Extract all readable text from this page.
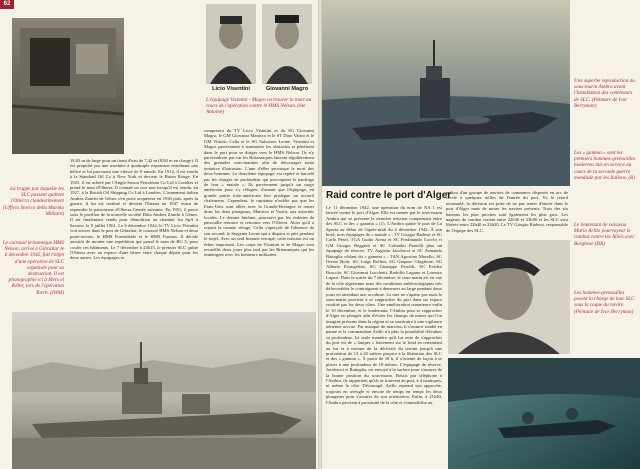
62
Licio Visentini	Giovanni Magro
L'équipage Visintini - Magro va trouver la mort au cours de l'opération contre le HMS Nelson. (Ste Antoine)
La trappe par laquelle les SLC passent quittent l'Olterra clandestinement (Ufficio Storico della Marina Militare)
Le cuirassé britannique HMS Nelson, arrivé à Gibraltar le 6 décembre 1942, fait l'objet d'une opération de SLC organisée pour sa destruction. Il est photographié ici à Mers el Kébir, lors de l'opération Torch. (IWM)
18,03 m de large pour un tirant d'eau de 7,42 m (8,84 m en charge). Il est propulsé par une machine à quadruple expansion entraînant une hélice et lui procurant une vitesse de 8 nœuds. En 1914, il est vendu à la Standard Oil Co à New York et devient le Baton Rouge. En 1925, il est acheté par l'Anglo-Saxon Petroleum Co Ltd à Londres et prend le nom d'Olterra. Il connaît un sort non lorsqu'il est vendu, en 1927, à la British Oil Shipping Co Ltd à Londres. L'armement italien Andrea Zanchi de Gênes s'en porte acquéreur en 1930 puis, après la guerre, il lui est restitué et devient l'Emma en 1947 avant de reprendre le patronyme d'Olterra l'année suivante. En 1951, il passe sous le pavillon de la nouvelle société Ditta Andrea Zanchi à Gênes. Il est finalement vendu pour démolition au chantier Isa SpA à Savone, le 9 juillet 1961. Le 6 décembre 1942, le TV Licio Visintini voit arriver dans le port de Gibraltar, le cuirassé HMS Nelson et deux porte-avions, le HMS Formidable et le HMS Furious. Il décide aussitôt de monter une expédition qui prend le nom de BG 5, pour couler ces bâtiments. Le 7 décembre à 23h15, le premier SLC quitte l'Olterra avec un espace d'une heure entre chaque départ pour les deux autres. Les équipages se
composent du TV Licio Visintini et du SG Giovanni Magro, le GM Giovanni Manisco et le ST Dino Varini et le GM Vittorio Cella et le SG Salvatore Leone. Visintini et Magro parviennent à surmonter les obstacles et pénètrent dans le port pour se diriger vers le HMS Nelson. Ils n'y parviendront pas car les Britanniques lancent régulièrement des grenades sous-marines afin de décourager toute tentative d'intrusion. L'une d'elles provoque la mort des deux hommes. Le deuxième équipage, est repéré et harcelé par les charges de profondeur qui provoquent le naufrage de leur « maiale ». Ils parviennent jusqu'à un cargo américain pour s'y réfugier, d'autant que l'équipage, en grande partie italo-américain leur prodigue un accueil chaleureux. Cependant, le capitaine n'oublie pas que les Etats-Unis sont alliés avec la Grande-Bretagne et remet donc les deux plongeurs, Manisco et Varini, aux autorités locales. Le dernier binôme, poursuivi par les vedettes de patrouille renonce et retourne vers l'Olterra. Alors qu'il a rejoint la rasante refuge, Cella s'aperçoit de l'absence de son second, le Sergente Leone qui a disparu et péri pendant le trajet. Avec un seul homme rescapé, cette mission est un échec important. Les corps de Visintini et de Magro sont recueillis deux jours plus tard par les Britanniques qui les immergent avec les honneurs militaires.
Une superbe reproduction du sous-marin Ambra avant l'installation des conteneurs de SLC. (Peinture de Ivor Berryman)
Les « gamma » sont les premiers hommes-grenouilles modernes mis en service au cours de la seconde guerre mondiale par les Italiens. (R)
Raid contre le port d'Alger
Le 11 décembre 1942, une opération du nom de NA 1 est lancée contre le port d'Alger. Elle est menée par le sous-marin Ambra qui se présente la dernière mission comprenant entre des SLC et des « gamma » (1). L'Ambra quitte le port de La Spezia au début de l'après-midi du 4 décembre 1942. À son bord, trois équipages de « maiale » : TV Giorgio Badessi et SC Carlo Pesel, TGA Guido Arena et SC Ferdinando Cocchi et GM Giorgio Reggioli et SC Colombo Pamolli plus un équipage de réserve, TV Augusto Jacobacci et SC Armando Battaglia ciblant du « gamma » : TAN Agostino Morello, SC Oreste Botti, SG Luigi Rolfini, SG Gaspare Ghiglione, SG Alberto Evangelisti, SG Giuseppe Feroldi, SC Evideo Boscolo, SC Giovanni Lucchetti, Rodolfo Lugano et Lorenzo Lupari. Dans la soirée du 7 décembre, le sous-marin est en vue de la côte algérienne mais des conditions météorologiques très défavorables le contraignent à demeurer au large pendant deux jours en attendant une accalmie. La mer ne s'apaise pas mais le sous-marin parvient à se rapprocher du port dans un espace confiné par les deux côtes. Une amélioration commence enfin le 10 décembre, et le lendemain, l'Ambra peut se rapprocher d'Alger en plongée afin d'éviter les champs de mines qui l'on imagine présents dans la région et se soustraire à une vigilance aérienne accrue. Par manque de marrons, il s'avance tombé en panne et le commandant Arillo n'a plus la possibilité d'évaluer sa profondeur. La seule manière qu'il lui reste de s'approcher du port est de « lamper » lentement sur le fond en remontant au fur et à mesure de la déclivité du terrain jusqu'à une profondeur de 13 à 20 mètres propice à la libération des SLC et des « gamma ». À partir de 18 h, il s'oriente de façon à se placer à une profondeur de 18 mètres. L'équipage de réserve, Jacobacci et Battaglia, est envoyé à la surface pour s'assurer de la bonne position du sous-marin. Relais par téléphone à l'Ambra, ils rapportent qu'ils se trouvent au port, à 4 nautiques, ni même la côte. Découragé, Arillo reprend son approche, toujours en aveugle et envoie de temps en temps les deux plongeurs pour s'assurer de son orientation. Enfin, à 21h40, l'Ambra parvient à proximité de la côte et s'immobilise au
milieu d'un groupe de navires de commerce disposés en arc de cercle à quelques milles de l'entrée du port. Vu le retard accumulé, la décision est prise de ne pas tenter d'entrer dans le port d'Alger mais de miner les navires présents. Trois des six bateaux les plus proches sont également les plus gros. Les nageurs de combat sortent entre 22h30 et 23h00 et les SLC sont libérés entre 22h40 et 23h20. Le TV Giorgio Badessi, responsable de l'équipe des SLC,
Le lieutenant de vaisseau Mario Arillo pourvoyeur le combat contre les Alliés avec Borghese (DR)
Les hommes-grenouilles posent la charge de leur SLC sous la coque du navire. (Peinture de Ivor Berryman)
